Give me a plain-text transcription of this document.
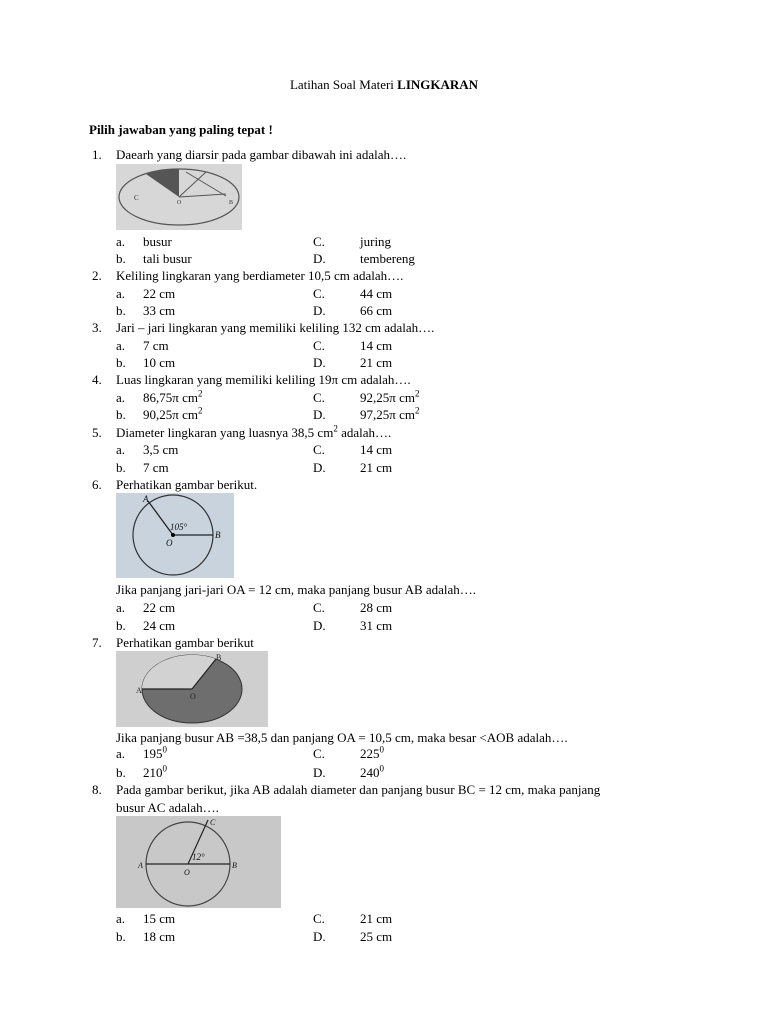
Latihan Soal Materi LINGKARAN
Pilih jawaban yang paling tepat !
1. Daearh yang diarsir pada gambar dibawah ini adalah….
C
O	B
a. busur	C.	juring
b. tali busur	D.	tembereng
2. Keliling lingkaran yang berdiameter 10,5 cm adalah….
a. 22 cm	C.	44 cm
b. 33 cm	D.	66 cm
3. Jari – jari lingkaran yang memiliki keliling 132 cm adalah….
a. 7 cm	C.	14 cm
b. 10 cm	D.	21 cm
4. Luas lingkaran yang memiliki keliling 19π cm adalah….
a. 86,75π $cm^2$	C.	92,25π $cm^2$
b. 90,25π $cm^2$	D.	97,25π $cm^2$
5. Diameter lingkaran yang luasnya 38,5 $cm^2$ adalah….
a. 3,5 cm	C.	14 cm
b. 7 cm	D.	21 cm
6. Perhatikan gambar berikut.
105°
A
O
B
Jika panjang jari-jari OA = 12 cm, maka panjang busur AB adalah….
a. 22 cm	C.	28 cm
b. 24 cm	D.	31 cm
7. Perhatikan gambar berikut
A
O
B
Jika panjang busur AB =38,5 dan panjang OA = 10,5 cm, maka besar <AOB adalah….
a. $195^0$	C.	$225^0$
b. $210^0$	D.	$240^0$
8. Pada gambar berikut, jika AB adalah diameter dan panjang busur BC = 12 cm, maka panjang
busur AC adalah….
12°
A
O
B
C
a. 15 cm	C.	21 cm
b. 18 cm	D.	25 cm
